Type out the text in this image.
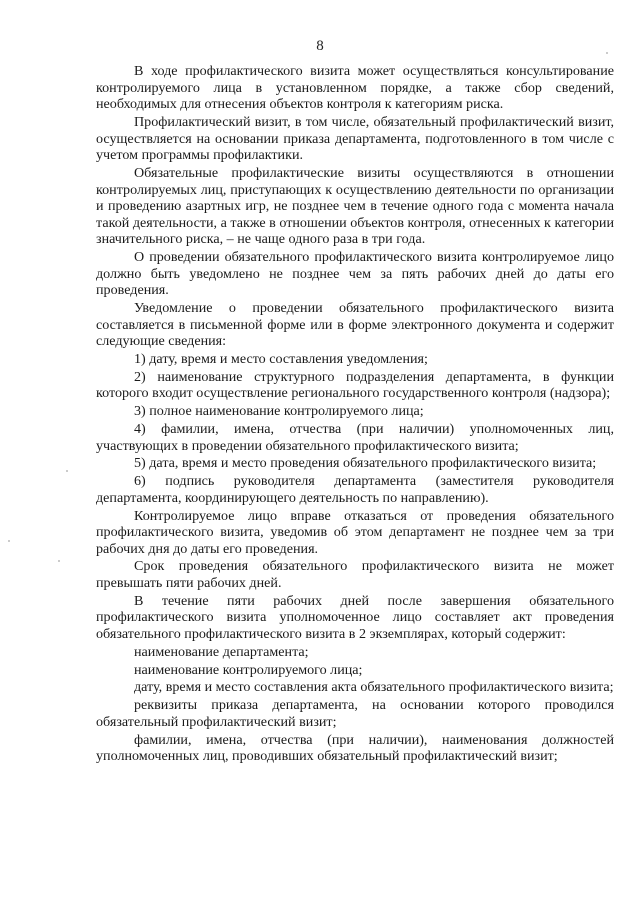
8

В ходе профилактического визита может осуществляться консультирование контролируемого лица в установленном порядке, а также сбор сведений, необходимых для отнесения объектов контроля к категориям риска.

Профилактический визит, в том числе, обязательный профилактический визит, осуществляется на основании приказа департамента, подготовленного в том числе с учетом программы профилактики.

Обязательные профилактические визиты осуществляются в отношении контролируемых лиц, приступающих к осуществлению деятельности по организации и проведению азартных игр, не позднее чем в течение одного года с момента начала такой деятельности, а также в отношении объектов контроля, отнесенных к категории значительного риска, – не чаще одного раза в три года.

О проведении обязательного профилактического визита контролируемое лицо должно быть уведомлено не позднее чем за пять рабочих дней до даты его проведения.

Уведомление о проведении обязательного профилактического визита составляется в письменной форме или в форме электронного документа и содержит следующие сведения:

1) дату, время и место составления уведомления;

2) наименование структурного подразделения департамента, в функции которого входит осуществление регионального государственного контроля (надзора);

3) полное наименование контролируемого лица;

4) фамилии, имена, отчества (при наличии) уполномоченных лиц, участвующих в проведении обязательного профилактического визита;

5) дата, время и место проведения обязательного профилактического визита;

6) подпись руководителя департамента (заместителя руководителя департамента, координирующего деятельность по направлению).

Контролируемое лицо вправе отказаться от проведения обязательного профилактического визита, уведомив об этом департамент не позднее чем за три рабочих дня до даты его проведения.

Срок проведения обязательного профилактического визита не может превышать пяти рабочих дней.

В течение пяти рабочих дней после завершения обязательного профилактического визита уполномоченное лицо составляет акт проведения обязательного профилактического визита в 2 экземплярах, который содержит:

наименование департамента;

наименование контролируемого лица;

дату, время и место составления акта обязательного профилактического визита;

реквизиты приказа департамента, на основании которого проводился обязательный профилактический визит;

фамилии, имена, отчества (при наличии), наименования должностей уполномоченных лиц, проводивших обязательный профилактический визит;
